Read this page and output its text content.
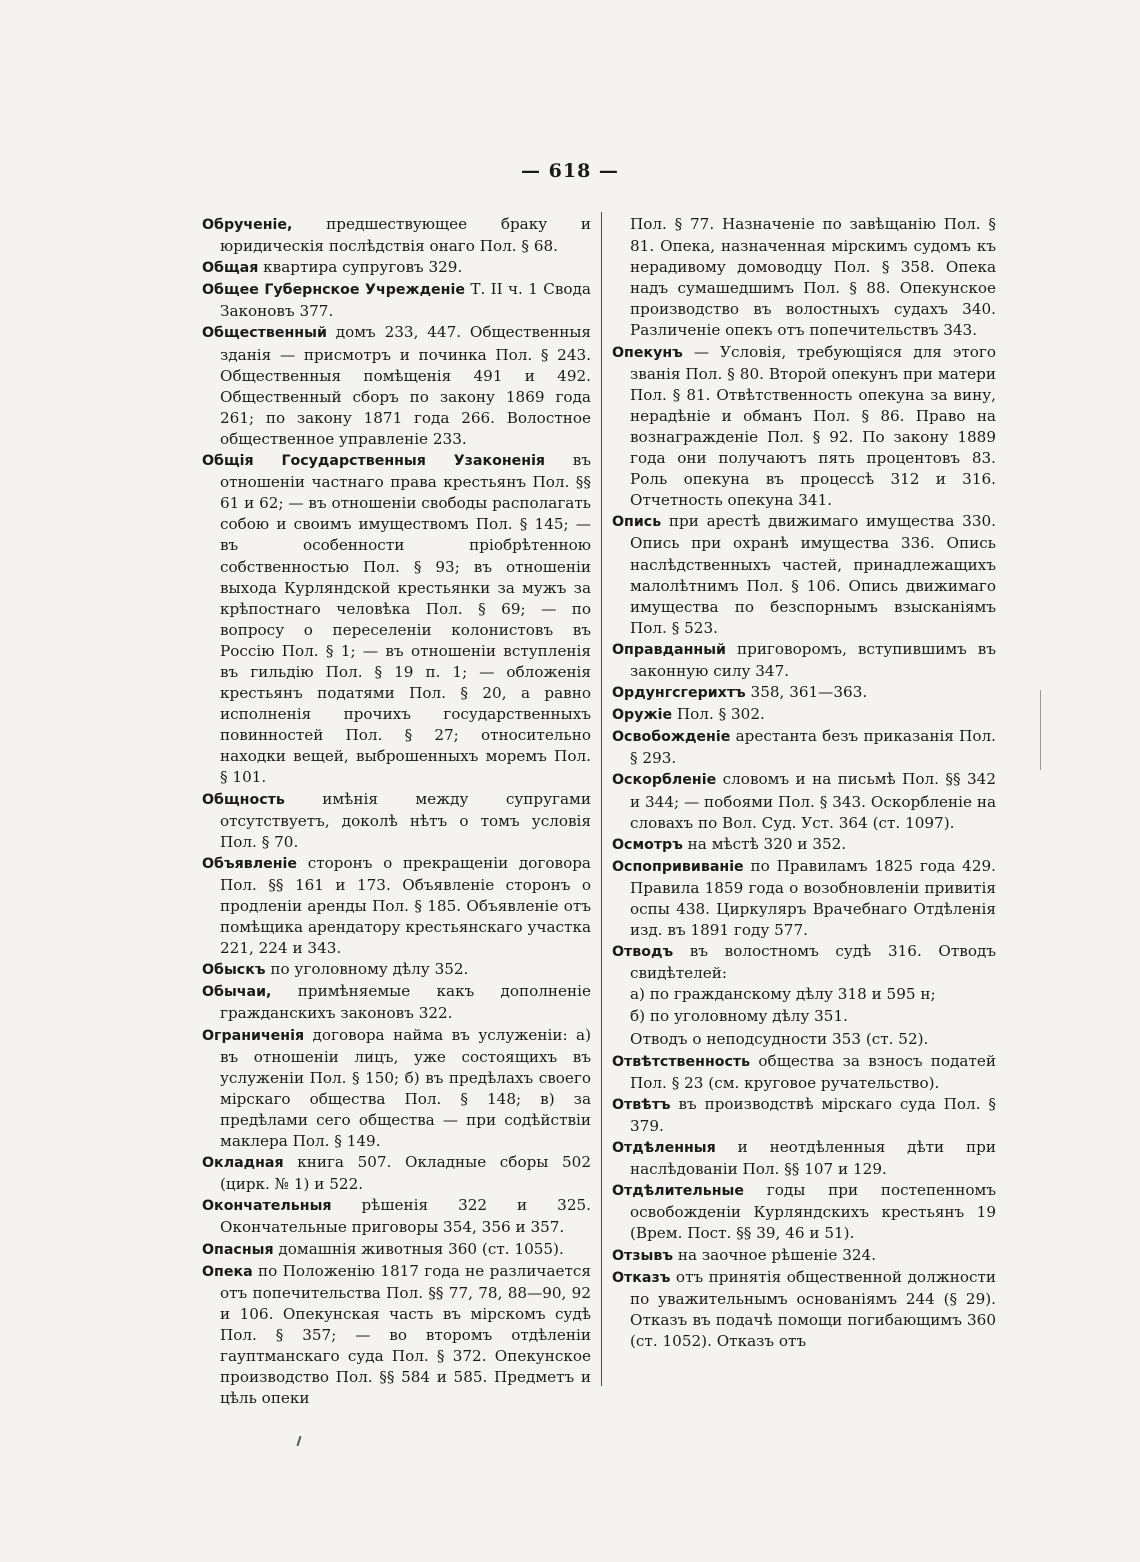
— 618 —

Обрученіе, предшествующее браку и юридическія послѣдствія онаго Пол. § 68.

Общая квартира супруговъ 329.

Общее Губернское Учрежденіе Т. II ч. 1 Свода Законовъ 377.

Общественный домъ 233, 447. Общественныя зданія — присмотръ и починка Пол. § 243. Общественныя помѣщенія 491 и 492. Общественный сборъ по закону 1869 года 261; по закону 1871 года 266. Волостное общественное управленіе 233.

Общія Государственныя Узаконенія въ отношеніи частнаго права крестьянъ Пол. §§ 61 и 62; — въ отношеніи свободы располагать собою и своимъ имуществомъ Пол. § 145; — въ особенности пріобрѣтенною собственностью Пол. § 93; въ отношеніи выхода Курляндской крестьянки за мужъ за крѣпостнаго человѣка Пол. § 69; — по вопросу о переселеніи колонистовъ въ Россію Пол. § 1; — въ отношеніи вступленія въ гильдію Пол. § 19 п. 1; — обложенія крестьянъ податями Пол. § 20, а равно исполненія прочихъ государственныхъ повинностей Пол. § 27; относительно находки вещей, выброшенныхъ моремъ Пол. § 101.

Общность имѣнія между супругами отсутствуетъ, доколѣ нѣтъ о томъ условія Пол. § 70.

Объявленіе сторонъ о прекращеніи договора Пол. §§ 161 и 173. Объявленіе сторонъ о продленіи аренды Пол. § 185. Объявленіе отъ помѣщика арендатору крестьянскаго участка 221, 224 и 343.

Обыскъ по уголовному дѣлу 352.

Обычаи, примѣняемые какъ дополненіе гражданскихъ законовъ 322.

Ограниченія договора найма въ услуженіи: а) въ отношеніи лицъ, уже состоящихъ въ услуженіи Пол. § 150; б) въ предѣлахъ своего мірскаго общества Пол. § 148; в) за предѣлами сего общества — при содѣйствіи маклера Пол. § 149.

Окладная книга 507. Окладные сборы 502 (цирк. № 1) и 522.

Окончательныя рѣшенія 322 и 325. Окончательные приговоры 354, 356 и 357.

Опасныя домашнія животныя 360 (ст. 1055).

Опека по Положенію 1817 года не различается отъ попечительства Пол. §§ 77, 78, 88—90, 92 и 106. Опекунская часть въ мірскомъ судѣ Пол. § 357; — во второмъ отдѣленіи гауптманскаго суда Пол. § 372. Опекунское производство Пол. §§ 584 и 585. Предметъ и цѣль опеки

Пол. § 77. Назначеніе по завѣщанію Пол. § 81. Опека, назначенная мірскимъ судомъ къ нерадивому домоводцу Пол. § 358. Опека надъ сумашедшимъ Пол. § 88. Опекунское производство въ волостныхъ судахъ 340. Различеніе опекъ отъ попечительствъ 343.

Опекунъ — Условія, требующіяся для этого званія Пол. § 80. Второй опекунъ при матери Пол. § 81. Отвѣтственность опекуна за вину, нерадѣніе и обманъ Пол. § 86. Право на вознагражденіе Пол. § 92. По закону 1889 года они получаютъ пять процентовъ 83. Роль опекуна въ процессѣ 312 и 316. Отчетность опекуна 341.

Опись при арестѣ движимаго имущества 330. Опись при охранѣ имущества 336. Опись наслѣдственныхъ частей, принадлежащихъ малолѣтнимъ Пол. § 106. Опись движимаго имущества по безспорнымъ взысканіямъ Пол. § 523.

Оправданный приговоромъ, вступившимъ въ законную силу 347.

Ордунгсгерихтъ 358, 361—363.

Оружіе Пол. § 302.

Освобожденіе арестанта безъ приказанія Пол. § 293.

Оскорбленіе словомъ и на письмѣ Пол. §§ 342 и 344; — побоями Пол. § 343. Оскорбленіе на словахъ по Вол. Суд. Уст. 364 (ст. 1097).

Осмотръ на мѣстѣ 320 и 352.

Оспопрививаніе по Правиламъ 1825 года 429. Правила 1859 года о возобновленіи привитія оспы 438. Циркуляръ Врачебнаго Отдѣленія изд. въ 1891 году 577.

Отводъ въ волостномъ судѣ 316. Отводъ свидѣтелей:

а) по гражданскому дѣлу 318 и 595 н;

б) по уголовному дѣлу 351.

Отводъ о неподсудности 353 (ст. 52).

Отвѣтственность общества за взносъ податей Пол. § 23 (см. круговое ручательство).

Отвѣтъ въ производствѣ мірскаго суда Пол. § 379.

Отдѣленныя и неотдѣленныя дѣти при наслѣдованіи Пол. §§ 107 и 129.

Отдѣлительные годы при постепенномъ освобожденіи Курляндскихъ крестьянъ 19 (Врем. Пост. §§ 39, 46 и 51).

Отзывъ на заочное рѣшеніе 324.

Отказъ отъ принятія общественной должности по уважительнымъ основаніямъ 244 (§ 29). Отказъ въ подачѣ помощи погибающимъ 360 (ст. 1052). Отказъ отъ
